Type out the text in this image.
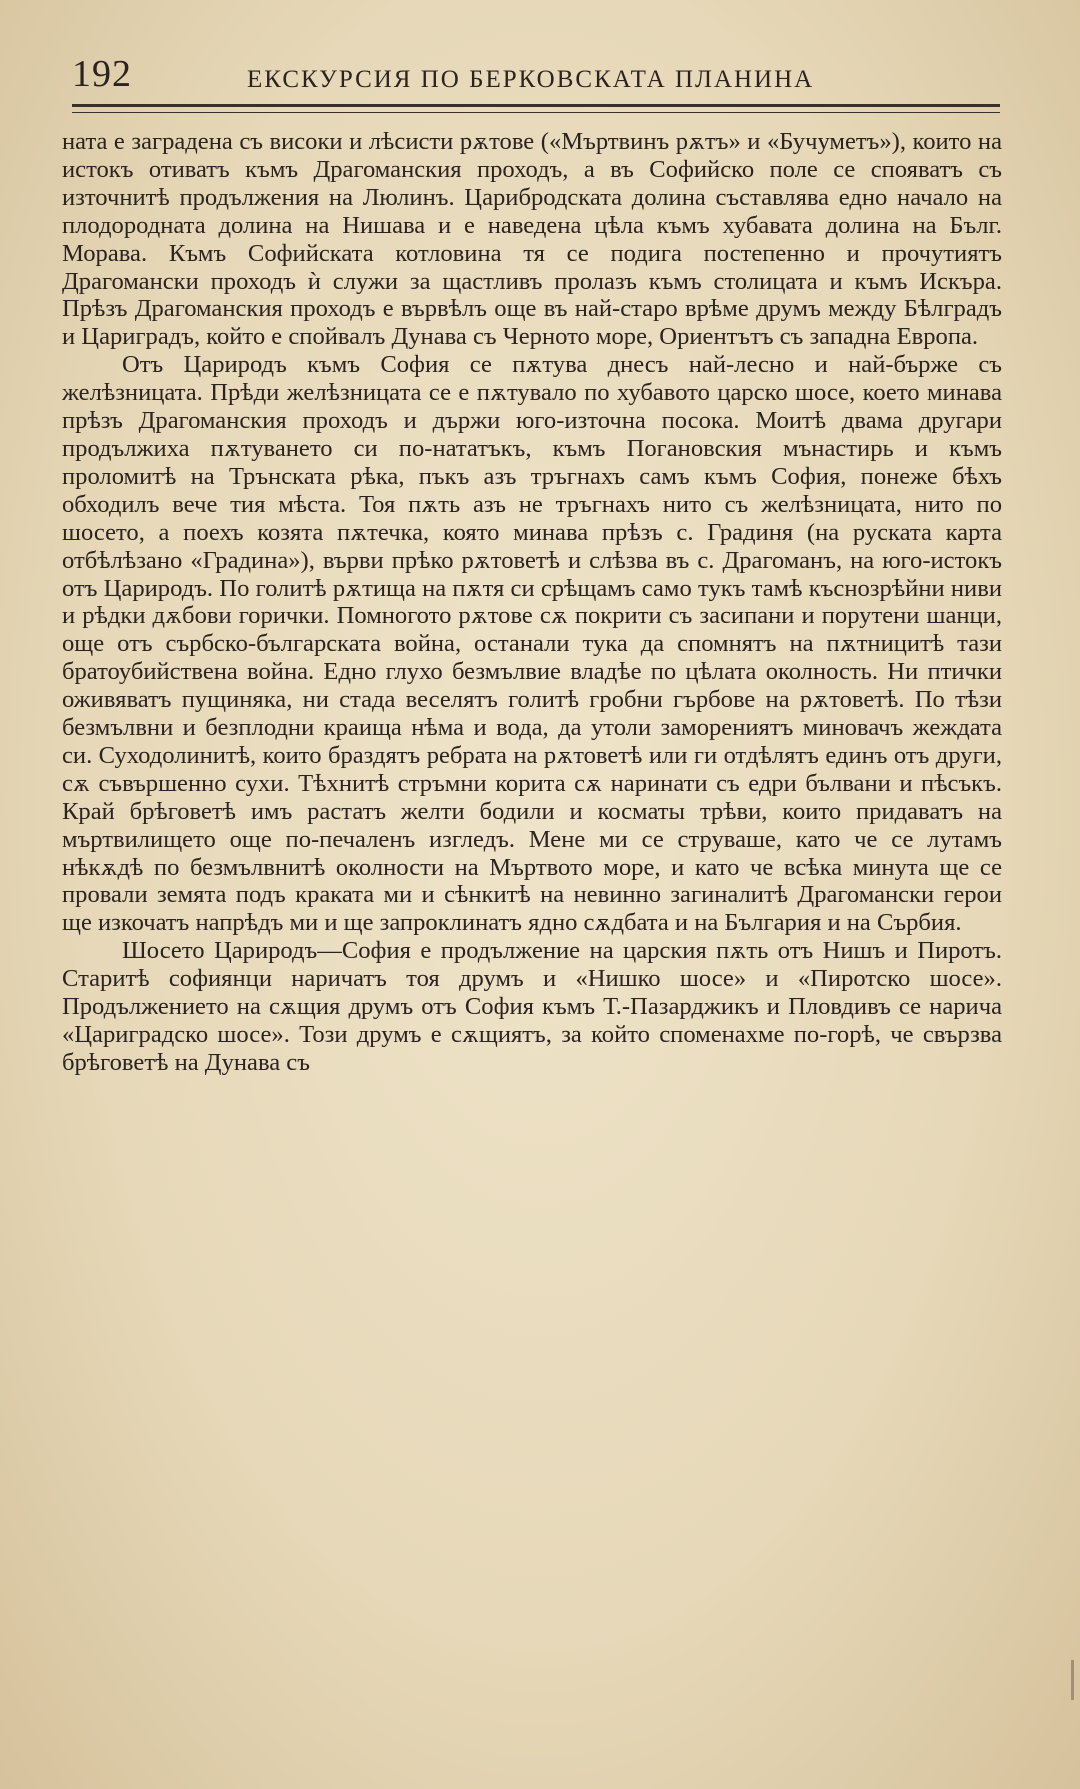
192	ЕКСКУРСИЯ ПО БЕРКОВСКАТА ПЛАНИНА

ната е заградена съ високи и лѣсисти рѫтове («Мъртвинъ рѫтъ» и «Бучуметъ»), които на истокъ отиватъ къмъ Драгоманския проходъ, а въ Софийско поле се спояватъ съ източнитѣ продължения на Люлинъ. Царибродската долина съставлява едно начало на плодородната долина на Нишава и е наведена цѣла къмъ хубавата долина на Бълг. Морава. Къмъ Софийската котловина тя се подига постепенно и прочутиятъ Драгомански проходъ ѝ служи за щастливъ пролазъ къмъ столицата и къмъ Искъра. Прѣзъ Драгоманския проходъ е вървѣлъ още въ най-старо врѣме друмъ между Бѣлградъ и Цариградъ, който е спойвалъ Дунава съ Черното море, Ориентътъ съ западна Европа.

Отъ Цариродъ къмъ София се пѫтува днесъ най-лесно и най-бърже съ желѣзницата. Прѣди желѣзницата се е пѫтувало по хубавото царско шосе, което минава прѣзъ Драгоманския проходъ и държи юго-източна посока. Моитѣ двама другари продължиха пѫтуването си по-нататъкъ, къмъ Погановския мънастирь и къмъ проломитѣ на Трънската рѣка, пъкъ азъ тръгнахъ самъ къмъ София, понеже бѣхъ обходилъ вече тия мѣста. Тоя пѫть азъ не тръгнахъ нито съ желѣзницата, нито по шосето, а поехъ козята пѫтечка, която минава прѣзъ с. Градиня (на руската карта отбѣлѣзано «Градина»), върви прѣко рѫтоветѣ и слѣзва въ с. Драгоманъ, на юго-истокъ отъ Цариродъ. По голитѣ рѫтища на пѫтя си срѣщамъ само тукъ тамѣ къснозрѣйни ниви и рѣдки дѫбови горички. Помногото рѫтове сѫ покрити съ засипани и порутени шанци, още отъ сърбско-българската война, останали тука да спомнятъ на пѫтницитѣ тази братоубийствена война. Едно глухо безмълвие владѣе по цѣлата околность. Ни птички оживяватъ пущиняка, ни стада веселятъ голитѣ гробни гърбове на рѫтоветѣ. По тѣзи безмълвни и безплодни краища нѣма и вода, да утоли заморениятъ миновачъ жеждата си. Суходолинитѣ, които браздятъ ребрата на рѫтоветѣ или ги отдѣлятъ единъ отъ други, сѫ съвършенно сухи. Тѣхнитѣ стръмни корита сѫ наринати съ едри бълвани и пѣсъкъ. Край брѣговетѣ имъ растатъ желти бодили и косматы трѣви, които придаватъ на мъртвилището още по-печаленъ изгледъ. Мене ми се струваше, като че се лутамъ нѣкѫдѣ по безмълвнитѣ околности на Мъртвото море, и като че всѣка минута ще се провали земята подъ краката ми и сѣнкитѣ на невинно загиналитѣ Драгомански герои ще изкочатъ напрѣдъ ми и ще запроклинатъ ядно сѫдбата и на България и на Сърбия.

Шосето Цариродъ—София е продължение на царския пѫть отъ Нишъ и Пиротъ. Старитѣ софиянци наричатъ тоя друмъ и «Нишко шосе» и «Пиротско шосе». Продължението на сѫщия друмъ отъ София къмъ Т.-Пазарджикъ и Пловдивъ се нарича «Цариградско шосе». Този друмъ е сѫщиятъ, за който споменахме по-горѣ, че свързва брѣговетѣ на Дунава съ
